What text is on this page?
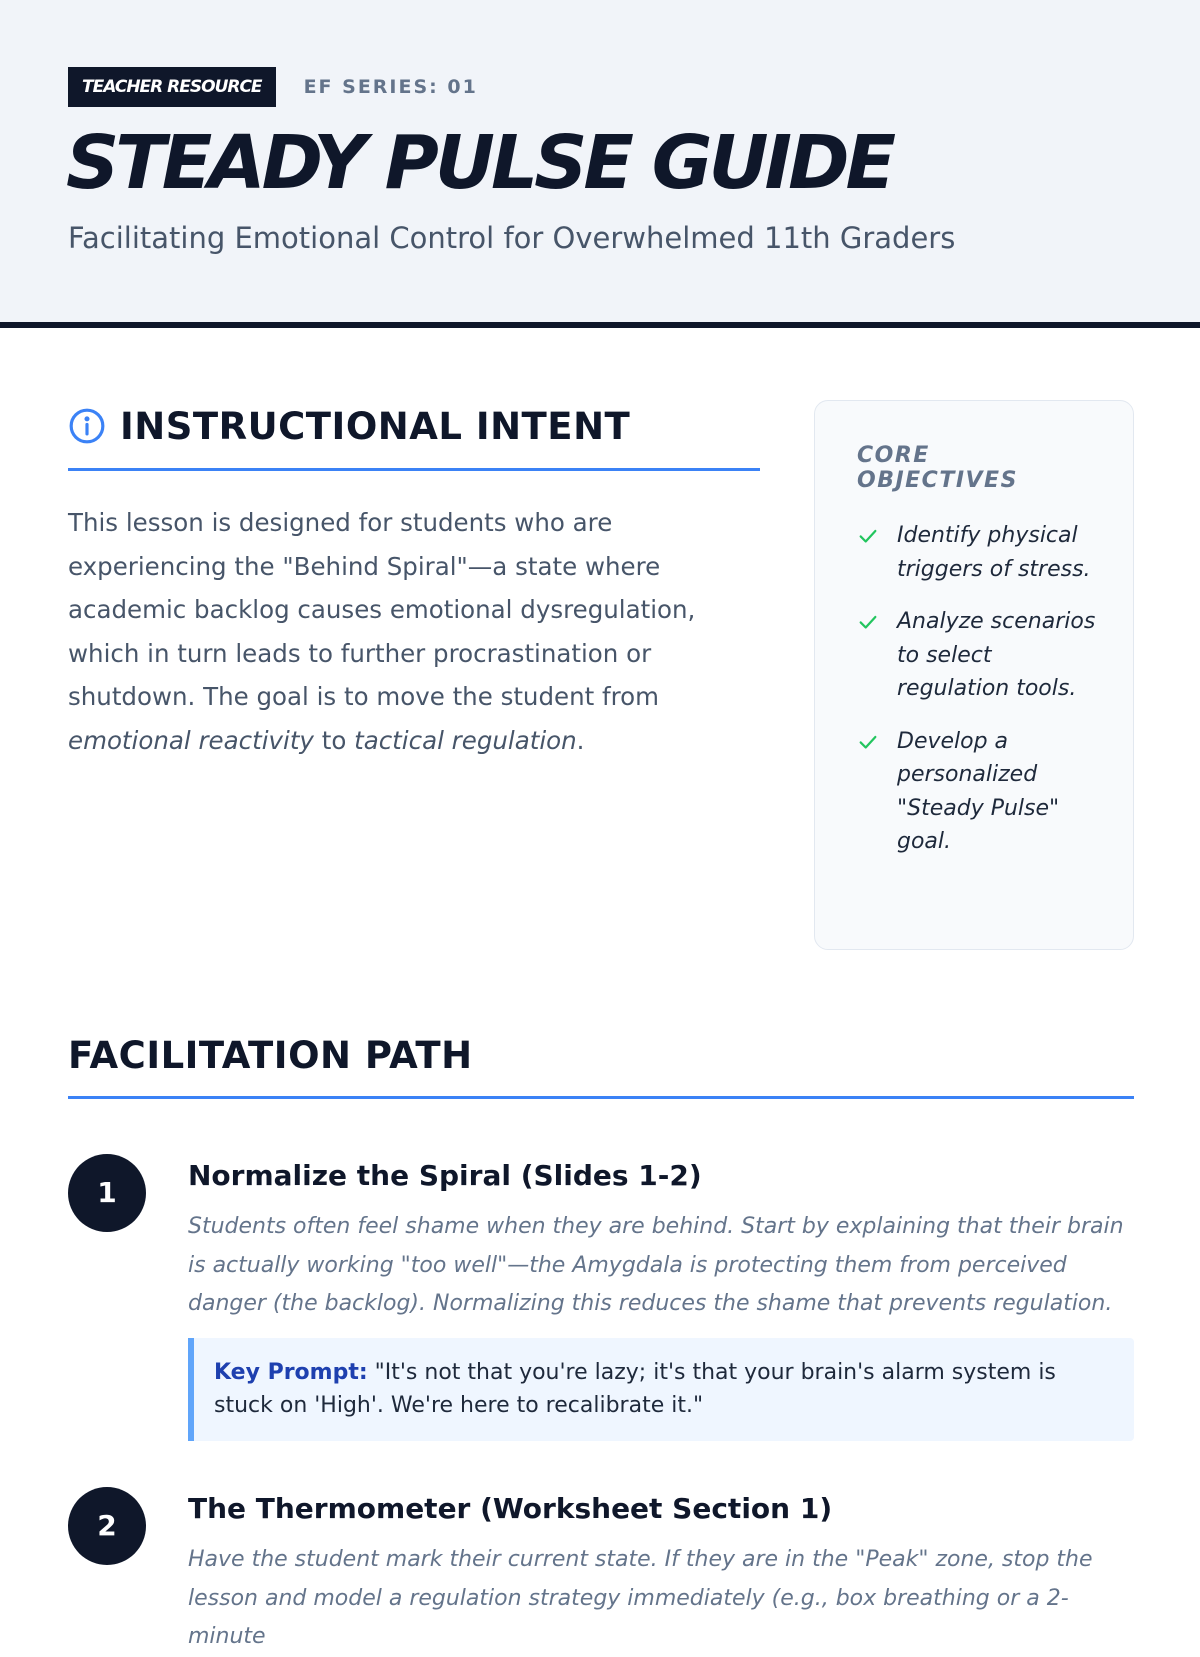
TEACHER RESOURCE	EF SERIES: 01
STEADY PULSE GUIDE

Facilitating Emotional Control for Overwhelmed 11th Graders

INSTRUCTIONAL INTENT

This lesson is designed for students who are experiencing the "Behind Spiral"—a state where academic backlog causes emotional dysregulation, which in turn leads to further procrastination or shutdown. The goal is to move the student from
emotional reactivity to tactical regulation.

CORE OBJECTIVES
Identify physical triggers of stress.
Analyze scenarios to select regulation tools.
Develop a personalized "Steady Pulse" goal.
FACILITATION PATH
1
Normalize the Spiral (Slides 1-2)

Students often feel shame when they are behind. Start by explaining that their brain is actually working "too well"—the Amygdala is protecting them from perceived danger (the backlog). Normalizing this reduces the shame that prevents regulation.

Key Prompt: "It's not that you're lazy; it's that your brain's alarm system is stuck on 'High'. We're here to recalibrate it."
2
The Thermometer (Worksheet Section 1)

Have the student mark their current state. If they are in the "Peak" zone, stop the lesson and model a regulation strategy immediately (e.g., box breathing or a 2-minute
